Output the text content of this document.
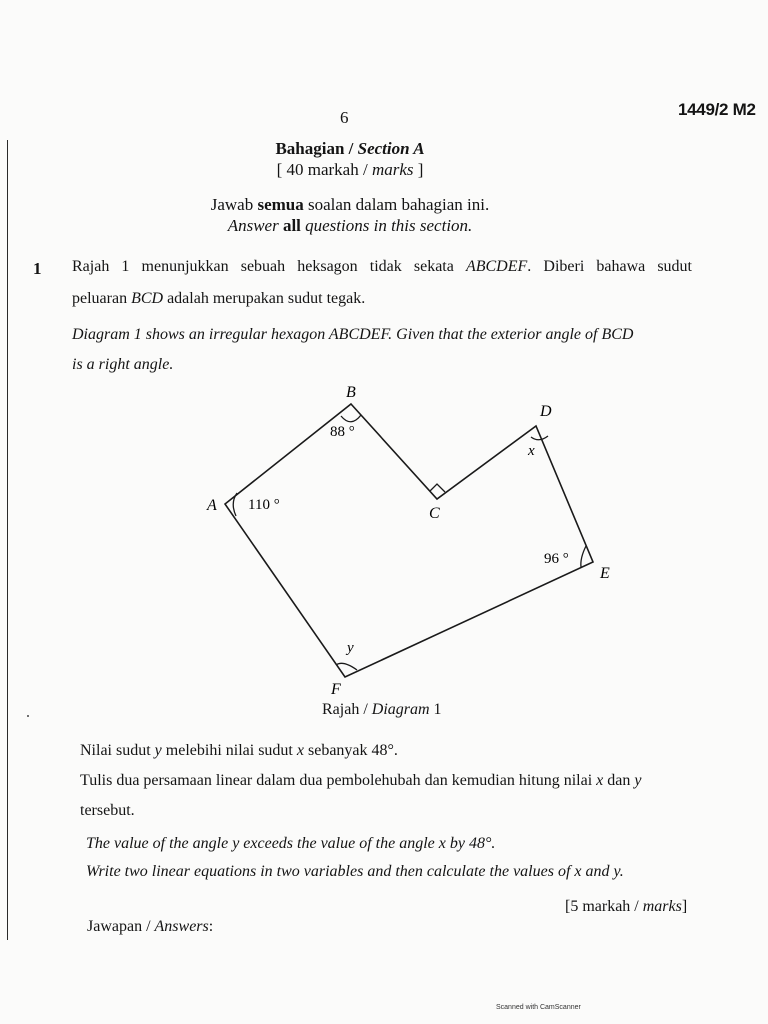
6	1449/2 M2
Bahagian / Section A
[ 40 markah / marks ]
Jawab semua soalan dalam bahagian ini.
Answer all questions in this section.
1 Rajah 1 menunjukkan sebuah heksagon tidak sekata ABCDEF. Diberi bahawa sudut
peluaran BCD adalah merupakan sudut tegak.
Diagram 1 shows an irregular hexagon ABCDEF. Given that the exterior angle of BCD
is a right angle.
B
88 °
D
x
A 110 °	C
96 °
E
y
F
Rajah / Diagram 1
Nilai sudut y melebihi nilai sudut x sebanyak 48°.
Tulis dua persamaan linear dalam dua pembolehubah dan kemudian hitung nilai x dan y
tersebut.
The value of the angle y exceeds the value of the angle x by 48°.
Write two linear equations in two variables and then calculate the values of x and y.
[5 markah / marks]
Jawapan / Answers:
Scanned with CamScanner
